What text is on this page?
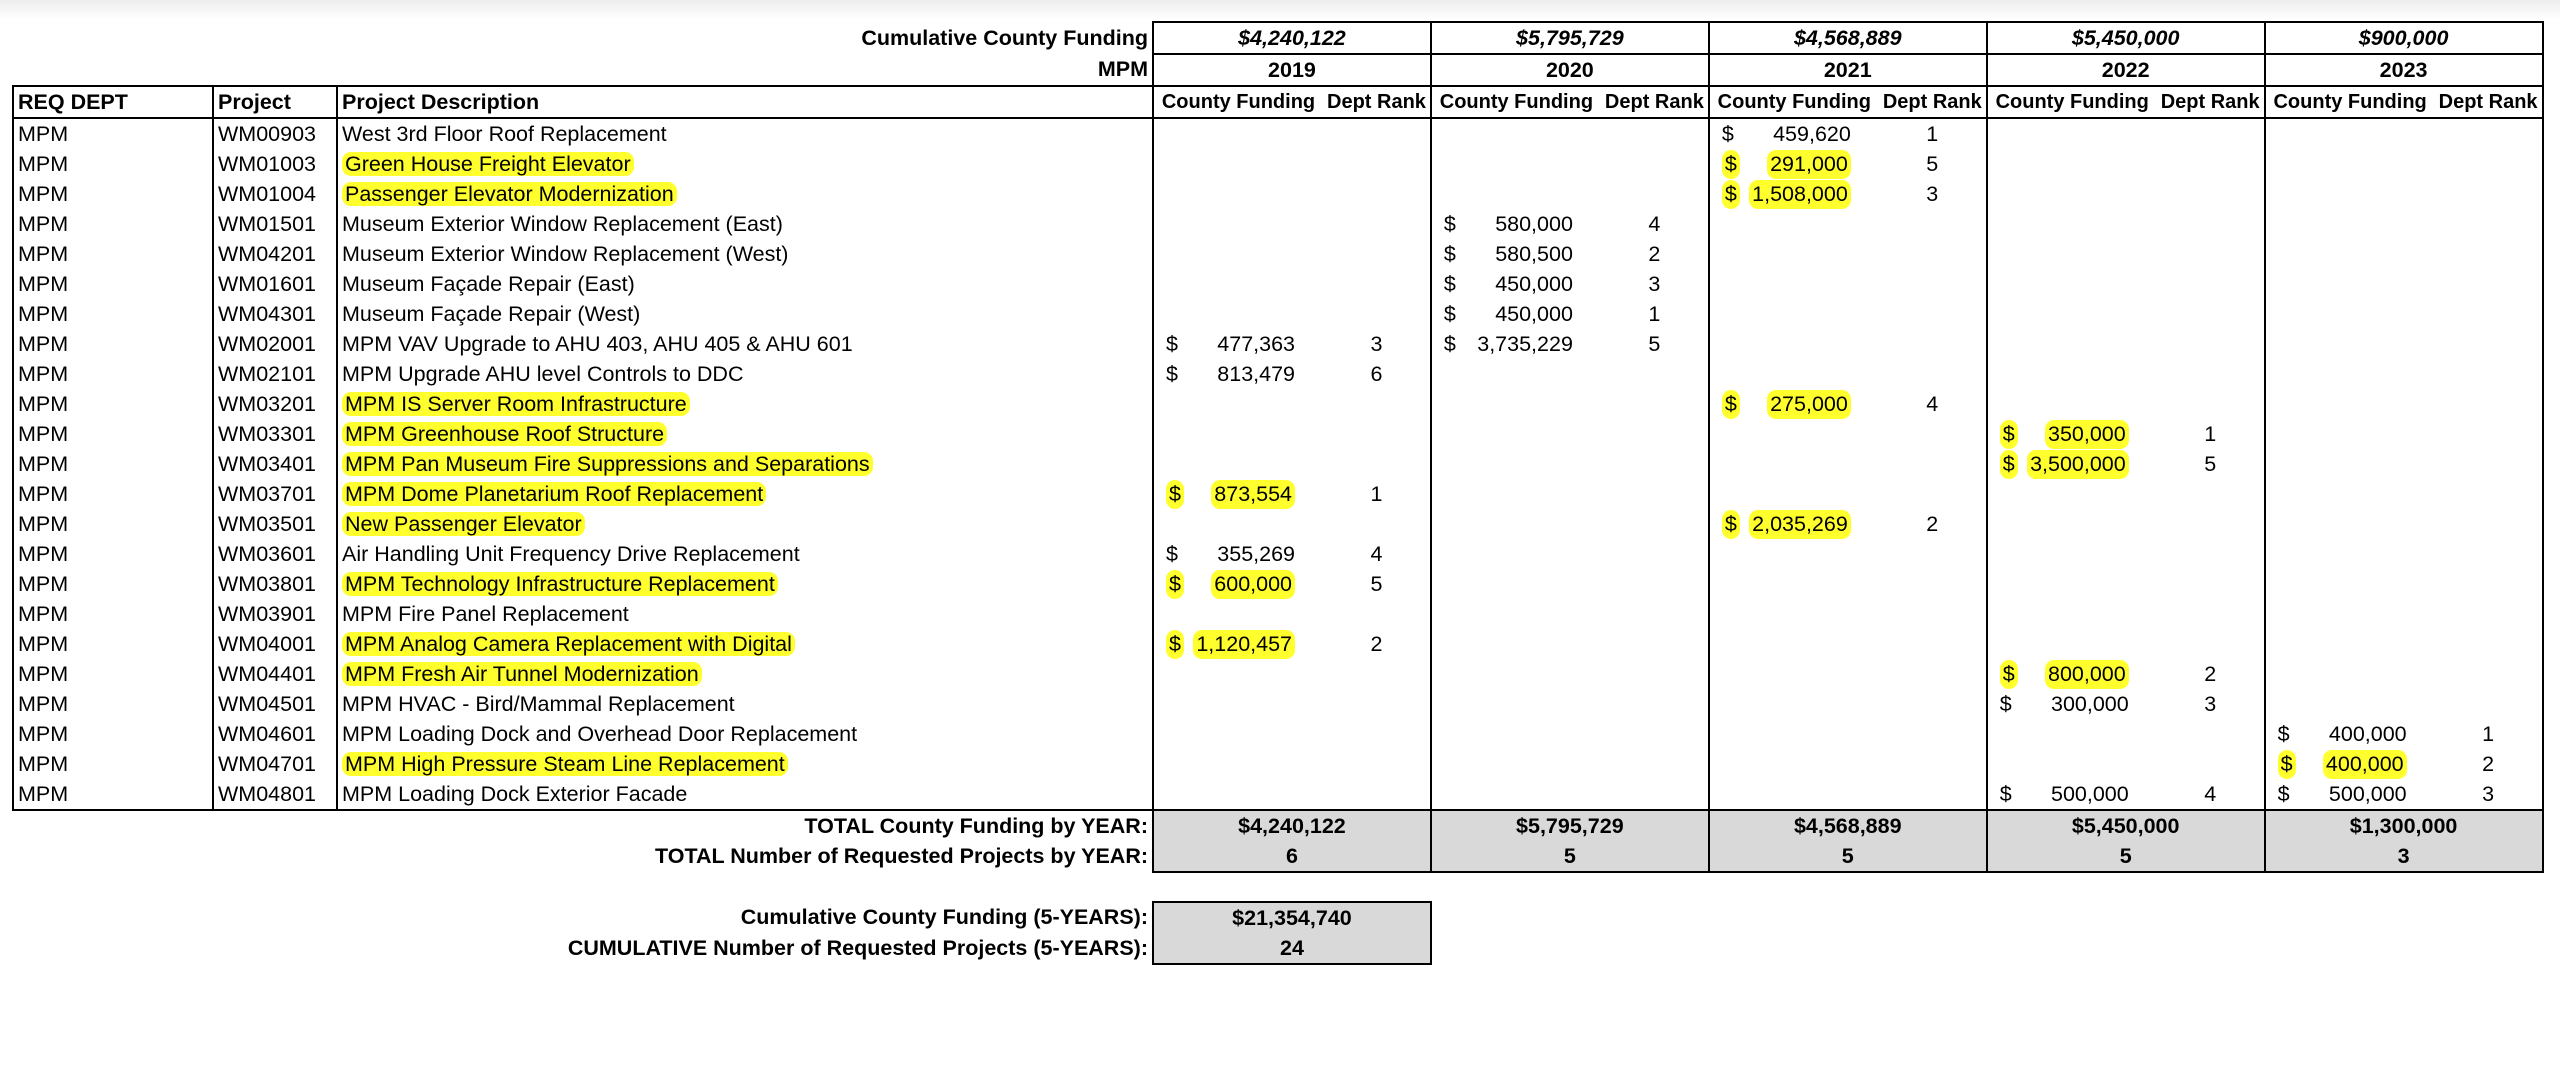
Cumulative County Funding			$4,240,122		$5,795,729		$4,568,889		$5,450,000		$900,000	
MPM			2019		2020		2021		2022		2023	
REQ DEPT	Project	Project Description	County Funding	Dept Rank	County Funding	Dept Rank	County Funding	Dept Rank	County Funding	Dept Rank	County Funding	Dept Rank
MPM	WM00903	West 3rd Floor Roof Replacement					$ 459,620	1				
MPM	WM01003	Green House Freight Elevator					$ 291,000	5				
MPM	WM01004	Passenger Elevator Modernization					$ 1,508,000	3				
MPM	WM01501	Museum Exterior Window Replacement (East)			$ 580,000	4						
MPM	WM04201	Museum Exterior Window Replacement (West)			$ 580,500	2						
MPM	WM01601	Museum Façade Repair (East)			$ 450,000	3						
MPM	WM04301	Museum Façade Repair (West)			$ 450,000	1						
MPM	WM02001	MPM VAV Upgrade to AHU 403, AHU 405 & AHU 601	$ 477,363	3	$ 3,735,229	5						
MPM	WM02101	MPM Upgrade AHU level Controls to DDC	$ 813,479	6								
MPM	WM03201	MPM IS Server Room Infrastructure					$ 275,000	4				
MPM	WM03301	MPM Greenhouse Roof Structure							$ 350,000	1		
MPM	WM03401	MPM Pan Museum Fire Suppressions and Separations							$ 3,500,000	5		
MPM	WM03701	MPM Dome Planetarium Roof Replacement	$ 873,554	1								
MPM	WM03501	New Passenger Elevator					$ 2,035,269	2				
MPM	WM03601	Air Handling Unit Frequency Drive Replacement	$ 355,269	4								
MPM	WM03801	MPM Technology Infrastructure Replacement	$ 600,000	5								
MPM	WM03901	MPM Fire Panel Replacement										
MPM	WM04001	MPM Analog Camera Replacement with Digital	$ 1,120,457	2								
MPM	WM04401	MPM Fresh Air Tunnel Modernization							$ 800,000	2		
MPM	WM04501	MPM HVAC - Bird/Mammal Replacement							$ 300,000	3		
MPM	WM04601	MPM Loading Dock and Overhead Door Replacement									$ 400,000	1
MPM	WM04701	MPM High Pressure Steam Line Replacement									$ 400,000	2
MPM	WM04801	MPM Loading Dock Exterior Facade							$ 500,000	4	$ 500,000	3
TOTAL County Funding by YEAR:			$4,240,122		$5,795,729		$4,568,889		$5,450,000		$1,300,000	
TOTAL Number of Requested Projects by YEAR:			6		5		5		5		3	

Cumulative County Funding (5-YEARS):			$21,354,740									
CUMULATIVE Number of Requested Projects (5-YEARS):			24									
